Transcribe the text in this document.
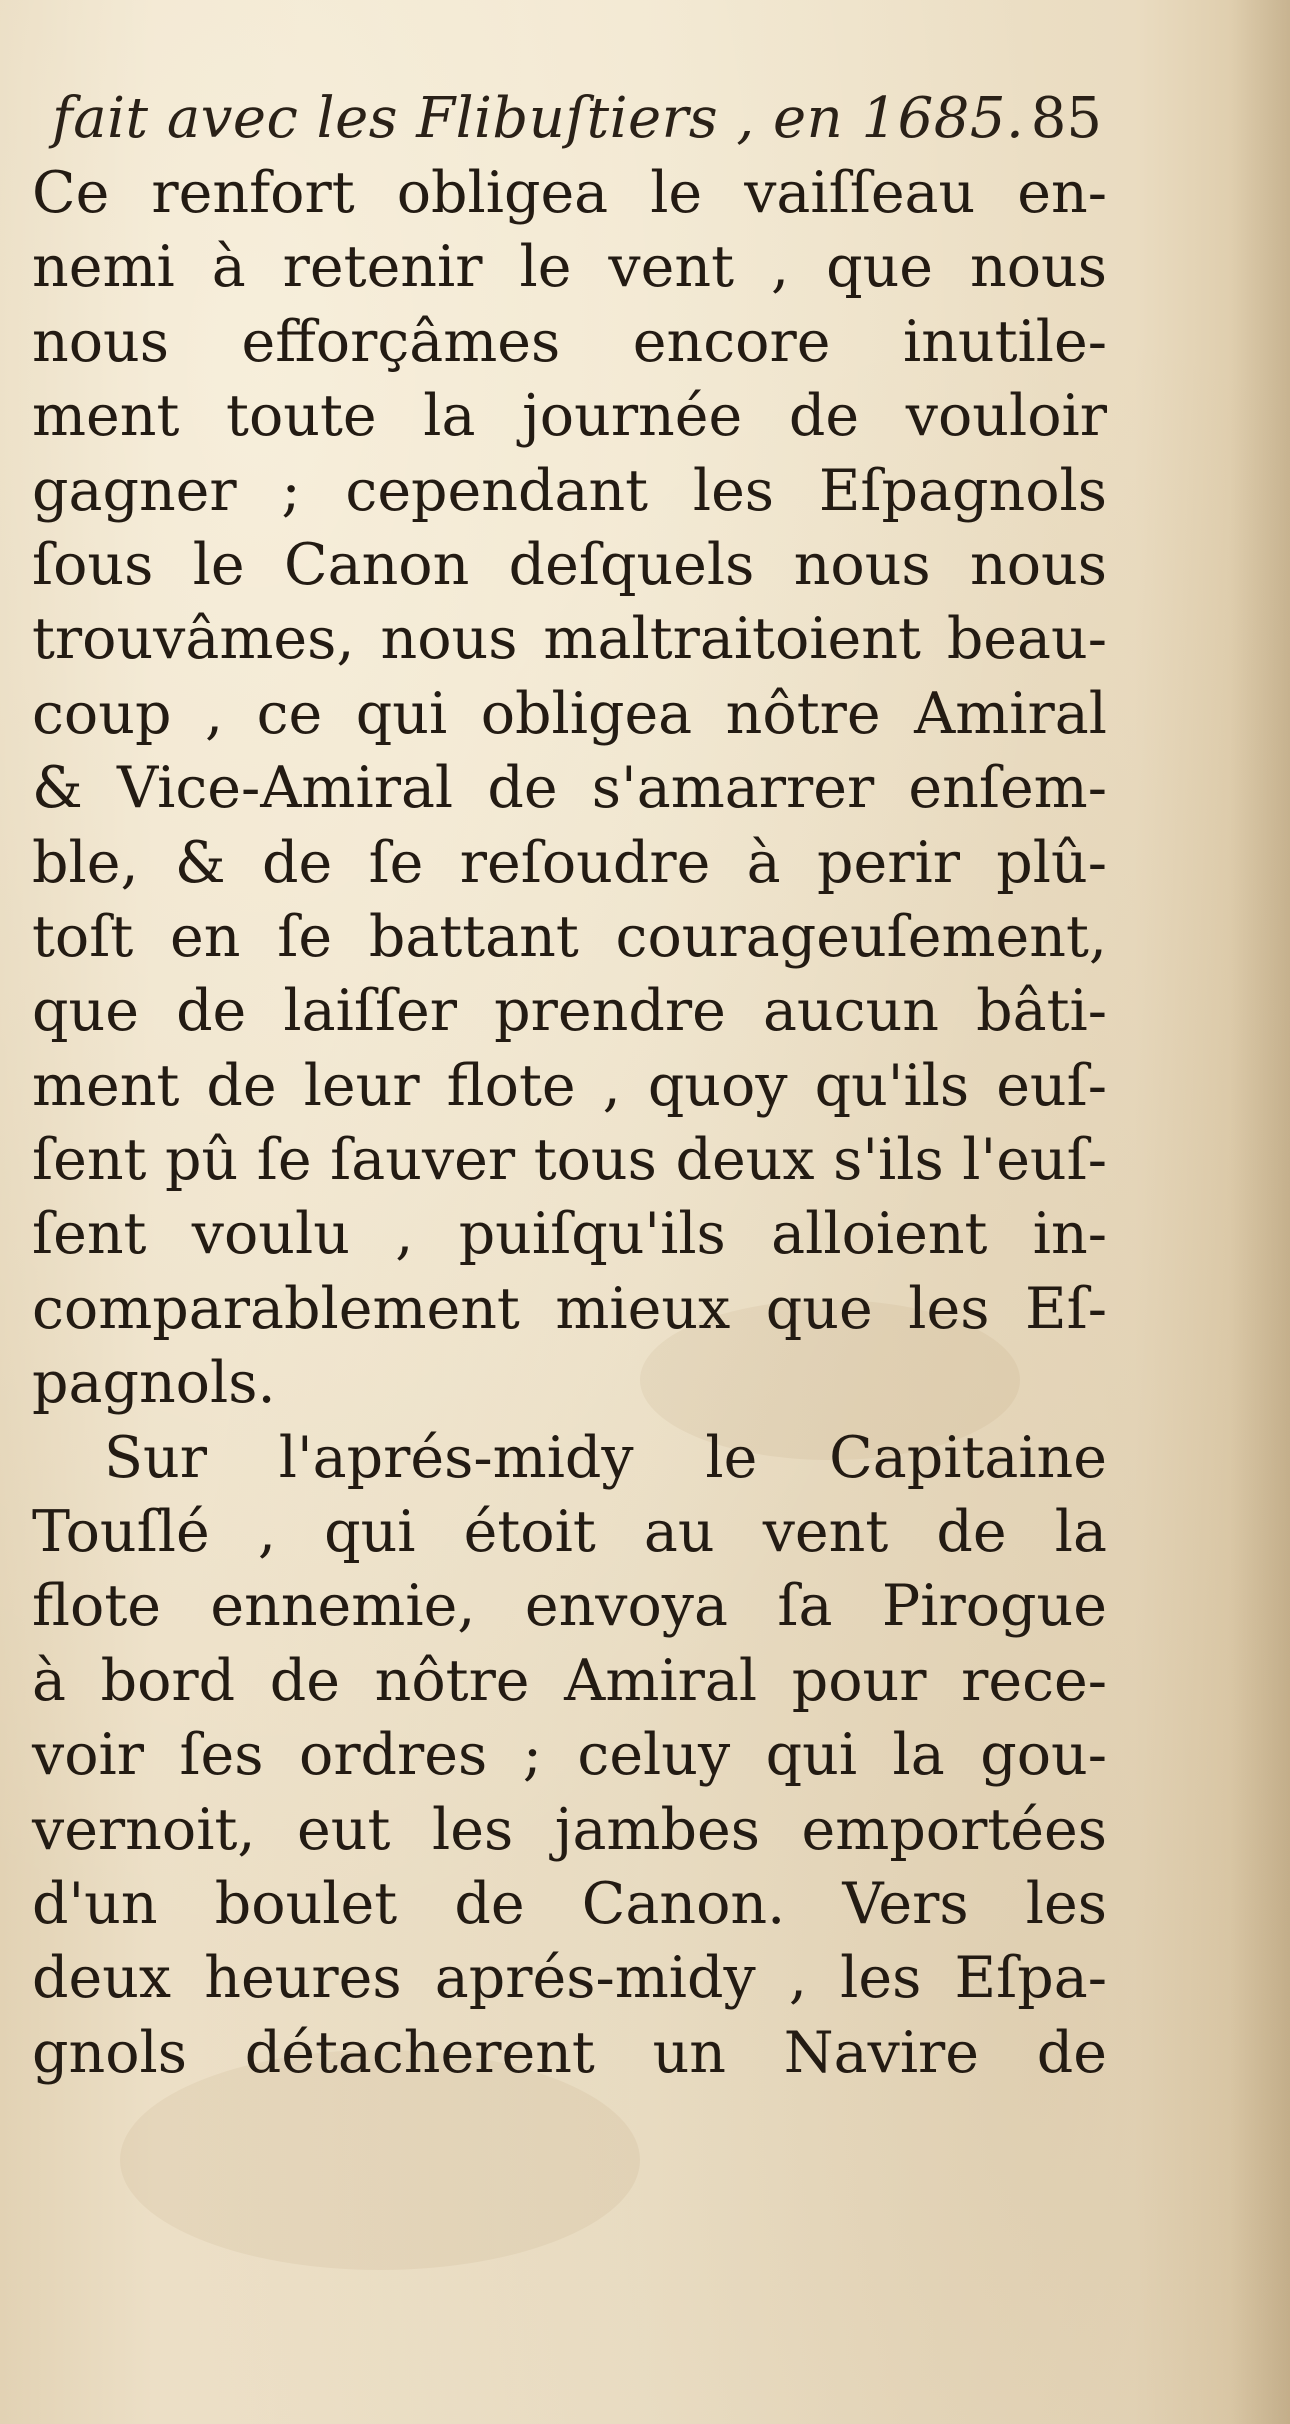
fait avec les Flibuſtiers , en 1685. 85
Ce renfort obligea le vaiſſeau en-
nemi à retenir le vent , que nous
nous efforçâmes encore inutile-
ment toute la journée de vouloir
gagner ; cependant les Eſpagnols
ſous le Canon deſquels nous nous
trouvâmes, nous maltraitoient beau-
coup , ce qui obligea nôtre Amiral
& Vice-Amiral de s'amarrer enſem-
ble, & de ſe reſoudre à perir plû-
toſt en ſe battant courageuſement,
que de laiſſer prendre aucun bâti-
ment de leur flote , quoy qu'ils euſ-
ſent pû ſe ſauver tous deux s'ils l'euſ-
ſent voulu , puiſqu'ils alloient in-
comparablement mieux que les Eſ-
pagnols.
Sur l'aprés-midy le Capitaine
Touſlé , qui étoit au vent de la
flote ennemie, envoya ſa Pirogue
à bord de nôtre Amiral pour rece-
voir ſes ordres ; celuy qui la gou-
vernoit, eut les jambes emportées
d'un boulet de Canon. Vers les
deux heures aprés-midy , les Eſpa-
gnols détacherent un Navire de
